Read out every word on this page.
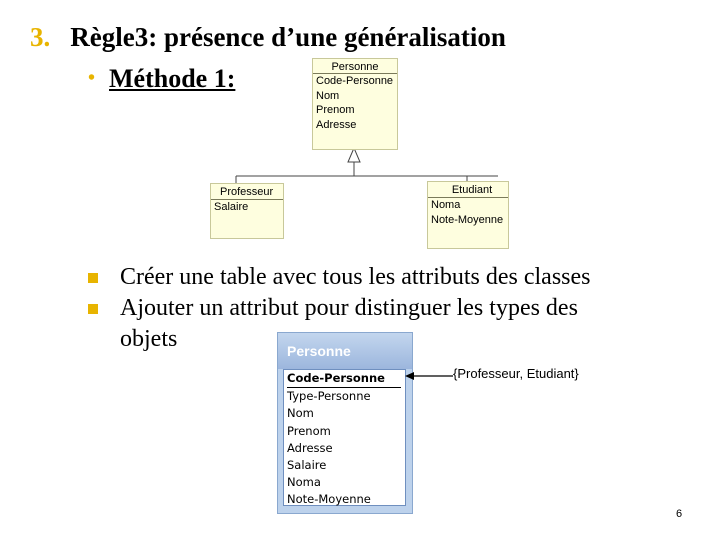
3. Règle3: présence d’une généralisation
• Méthode 1:	Personne
Code-Personne
Nom
Prenom
Adresse
Professeur
Salaire
Etudiant
Noma
Note-Moyenne
Créer une table avec tous les attributs des classes
Ajouter un attribut pour distinguer les types des
objets	Personne
Code-Personne
Type-Personne
Nom
Prenom
Adresse
Salaire
Noma
Note-Moyenne
{Professeur, Etudiant}
6
